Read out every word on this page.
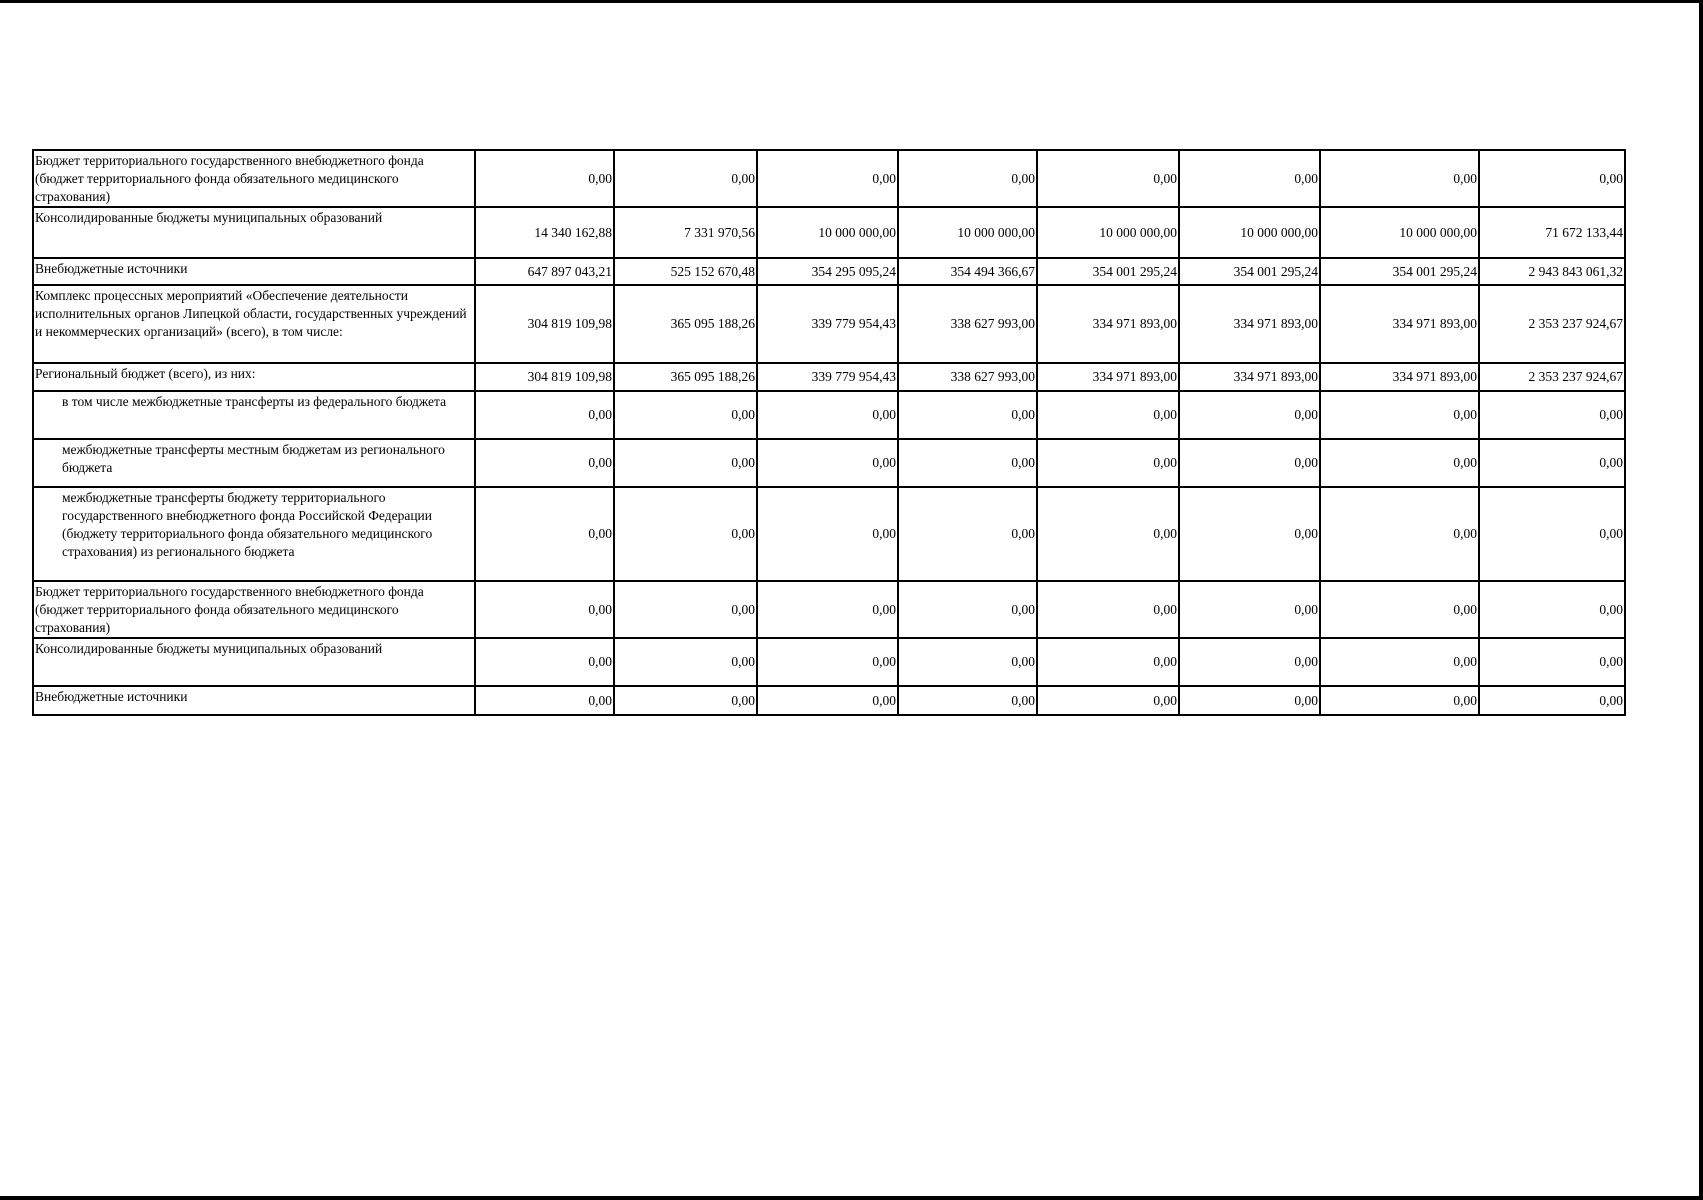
Бюджет территориального государственного внебюджетного фонда (бюджет территориального фонда обязательного медицинского страхования)	0,00	0,00	0,00	0,00	0,00	0,00	0,00	0,00
Консолидированные бюджеты муниципальных образований	14 340 162,88	7 331 970,56	10 000 000,00	10 000 000,00	10 000 000,00	10 000 000,00	10 000 000,00	71 672 133,44
Внебюджетные источники	647 897 043,21	525 152 670,48	354 295 095,24	354 494 366,67	354 001 295,24	354 001 295,24	354 001 295,24	2 943 843 061,32
Комплекс процессных мероприятий «Обеспечение деятельности исполнительных органов Липецкой области, государственных учреждений и некоммерческих организаций» (всего), в том числе:	304 819 109,98	365 095 188,26	339 779 954,43	338 627 993,00	334 971 893,00	334 971 893,00	334 971 893,00	2 353 237 924,67
Региональный бюджет (всего), из них:	304 819 109,98	365 095 188,26	339 779 954,43	338 627 993,00	334 971 893,00	334 971 893,00	334 971 893,00	2 353 237 924,67
в том числе межбюджетные трансферты из федерального бюджета	0,00	0,00	0,00	0,00	0,00	0,00	0,00	0,00
межбюджетные трансферты местным бюджетам из регионального бюджета	0,00	0,00	0,00	0,00	0,00	0,00	0,00	0,00
межбюджетные трансферты бюджету территориального государственного внебюджетного фонда Российской Федерации (бюджету территориального фонда обязательного медицинского страхования) из регионального бюджета	0,00	0,00	0,00	0,00	0,00	0,00	0,00	0,00
Бюджет территориального государственного внебюджетного фонда (бюджет территориального фонда обязательного медицинского страхования)	0,00	0,00	0,00	0,00	0,00	0,00	0,00	0,00
Консолидированные бюджеты муниципальных образований	0,00	0,00	0,00	0,00	0,00	0,00	0,00	0,00
Внебюджетные источники	0,00	0,00	0,00	0,00	0,00	0,00	0,00	0,00
